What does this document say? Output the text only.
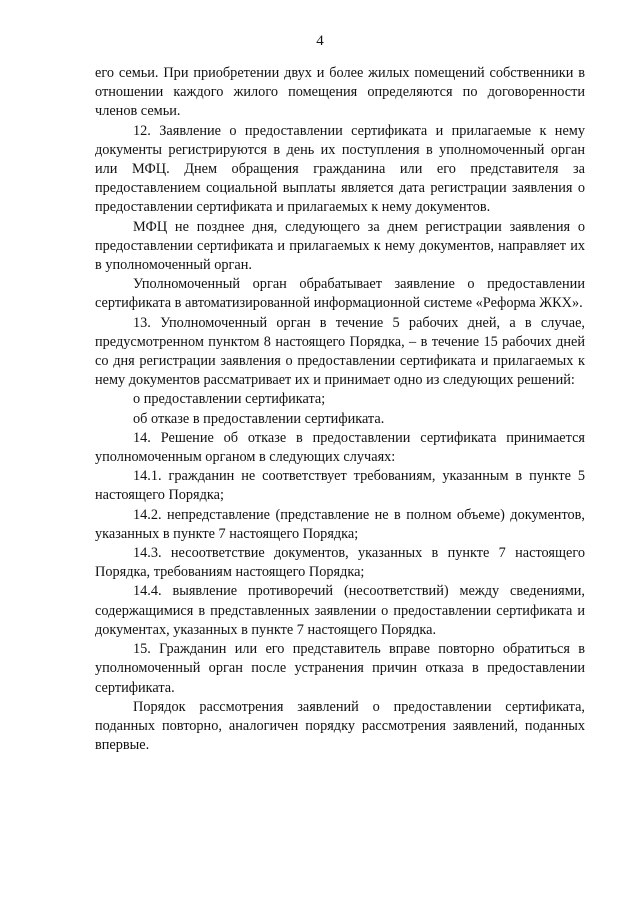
4

его семьи. При приобретении двух и более жилых помещений собственники в отношении каждого жилого помещения определяются по договоренности членов семьи.

12. Заявление о предоставлении сертификата и прилагаемые к нему документы регистрируются в день их поступления в уполномоченный орган или МФЦ. Днем обращения гражданина или его представителя за предоставлением социальной выплаты является дата регистрации заявления о предоставлении сертификата и прилагаемых к нему документов.

МФЦ не позднее дня, следующего за днем регистрации заявления о предоставлении сертификата и прилагаемых к нему документов, направляет их в уполномоченный орган.

Уполномоченный орган обрабатывает заявление о предоставлении сертификата в автоматизированной информационной системе «Реформа ЖКХ».

13. Уполномоченный орган в течение 5 рабочих дней, а в случае, предусмотренном пунктом 8 настоящего Порядка, – в течение 15 рабочих дней со дня регистрации заявления о предоставлении сертификата и прилагаемых к нему документов рассматривает их и принимает одно из следующих решений:

о предоставлении сертификата;

об отказе в предоставлении сертификата.

14. Решение об отказе в предоставлении сертификата принимается уполномоченным органом в следующих случаях:

14.1. гражданин не соответствует требованиям, указанным в пункте 5 настоящего Порядка;

14.2. непредставление (представление не в полном объеме) документов, указанных в пункте 7 настоящего Порядка;

14.3. несоответствие документов, указанных в пункте 7 настоящего Порядка, требованиям настоящего Порядка;

14.4. выявление противоречий (несоответствий) между сведениями, содержащимися в представленных заявлении о предоставлении сертификата и документах, указанных в пункте 7 настоящего Порядка.

15. Гражданин или его представитель вправе повторно обратиться в уполномоченный орган после устранения причин отказа в предоставлении сертификата.

Порядок рассмотрения заявлений о предоставлении сертификата, поданных повторно, аналогичен порядку рассмотрения заявлений, поданных впервые.
